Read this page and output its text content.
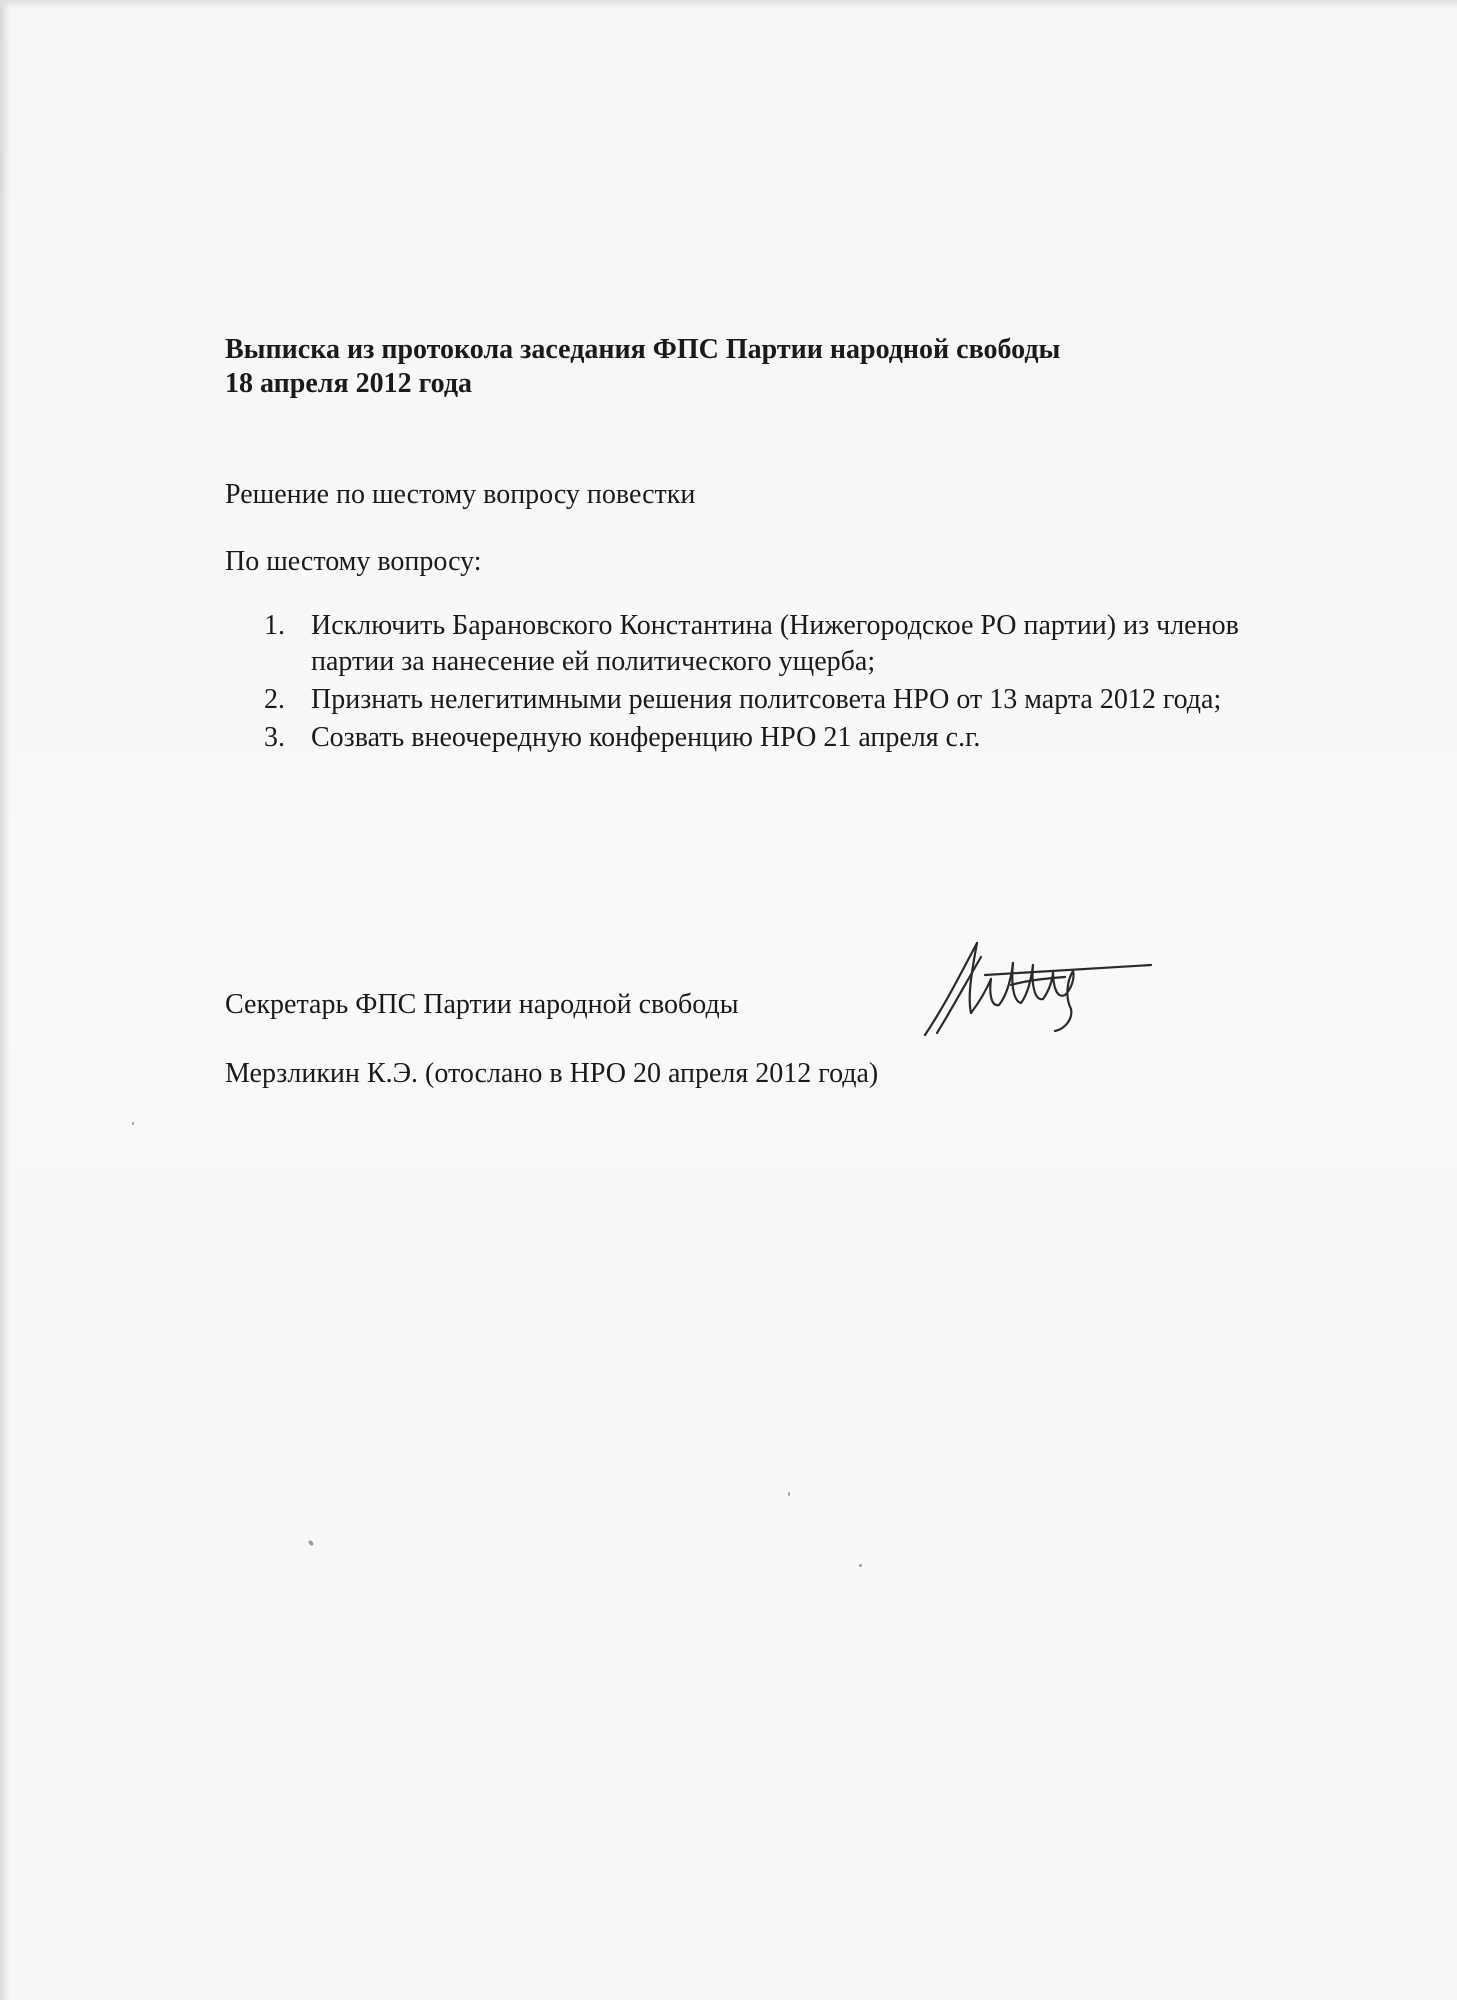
Выписка из протокола заседания ФПС Партии народной свободы
18 апреля 2012 года
Решение по шестому вопросу повестки
По шестому вопросу:
1. Исключить Барановского Константина (Нижегородское РО партии) из членов партии за нанесение ей политического ущерба;
2. Признать нелегитимными решения политсовета НРО от 13 марта 2012 года;
3. Созвать внеочередную конференцию НРО 21 апреля с.г.
Секретарь ФПС Партии народной свободы
Мерзликин К.Э. (отослано в НРО 20 апреля 2012 года)
